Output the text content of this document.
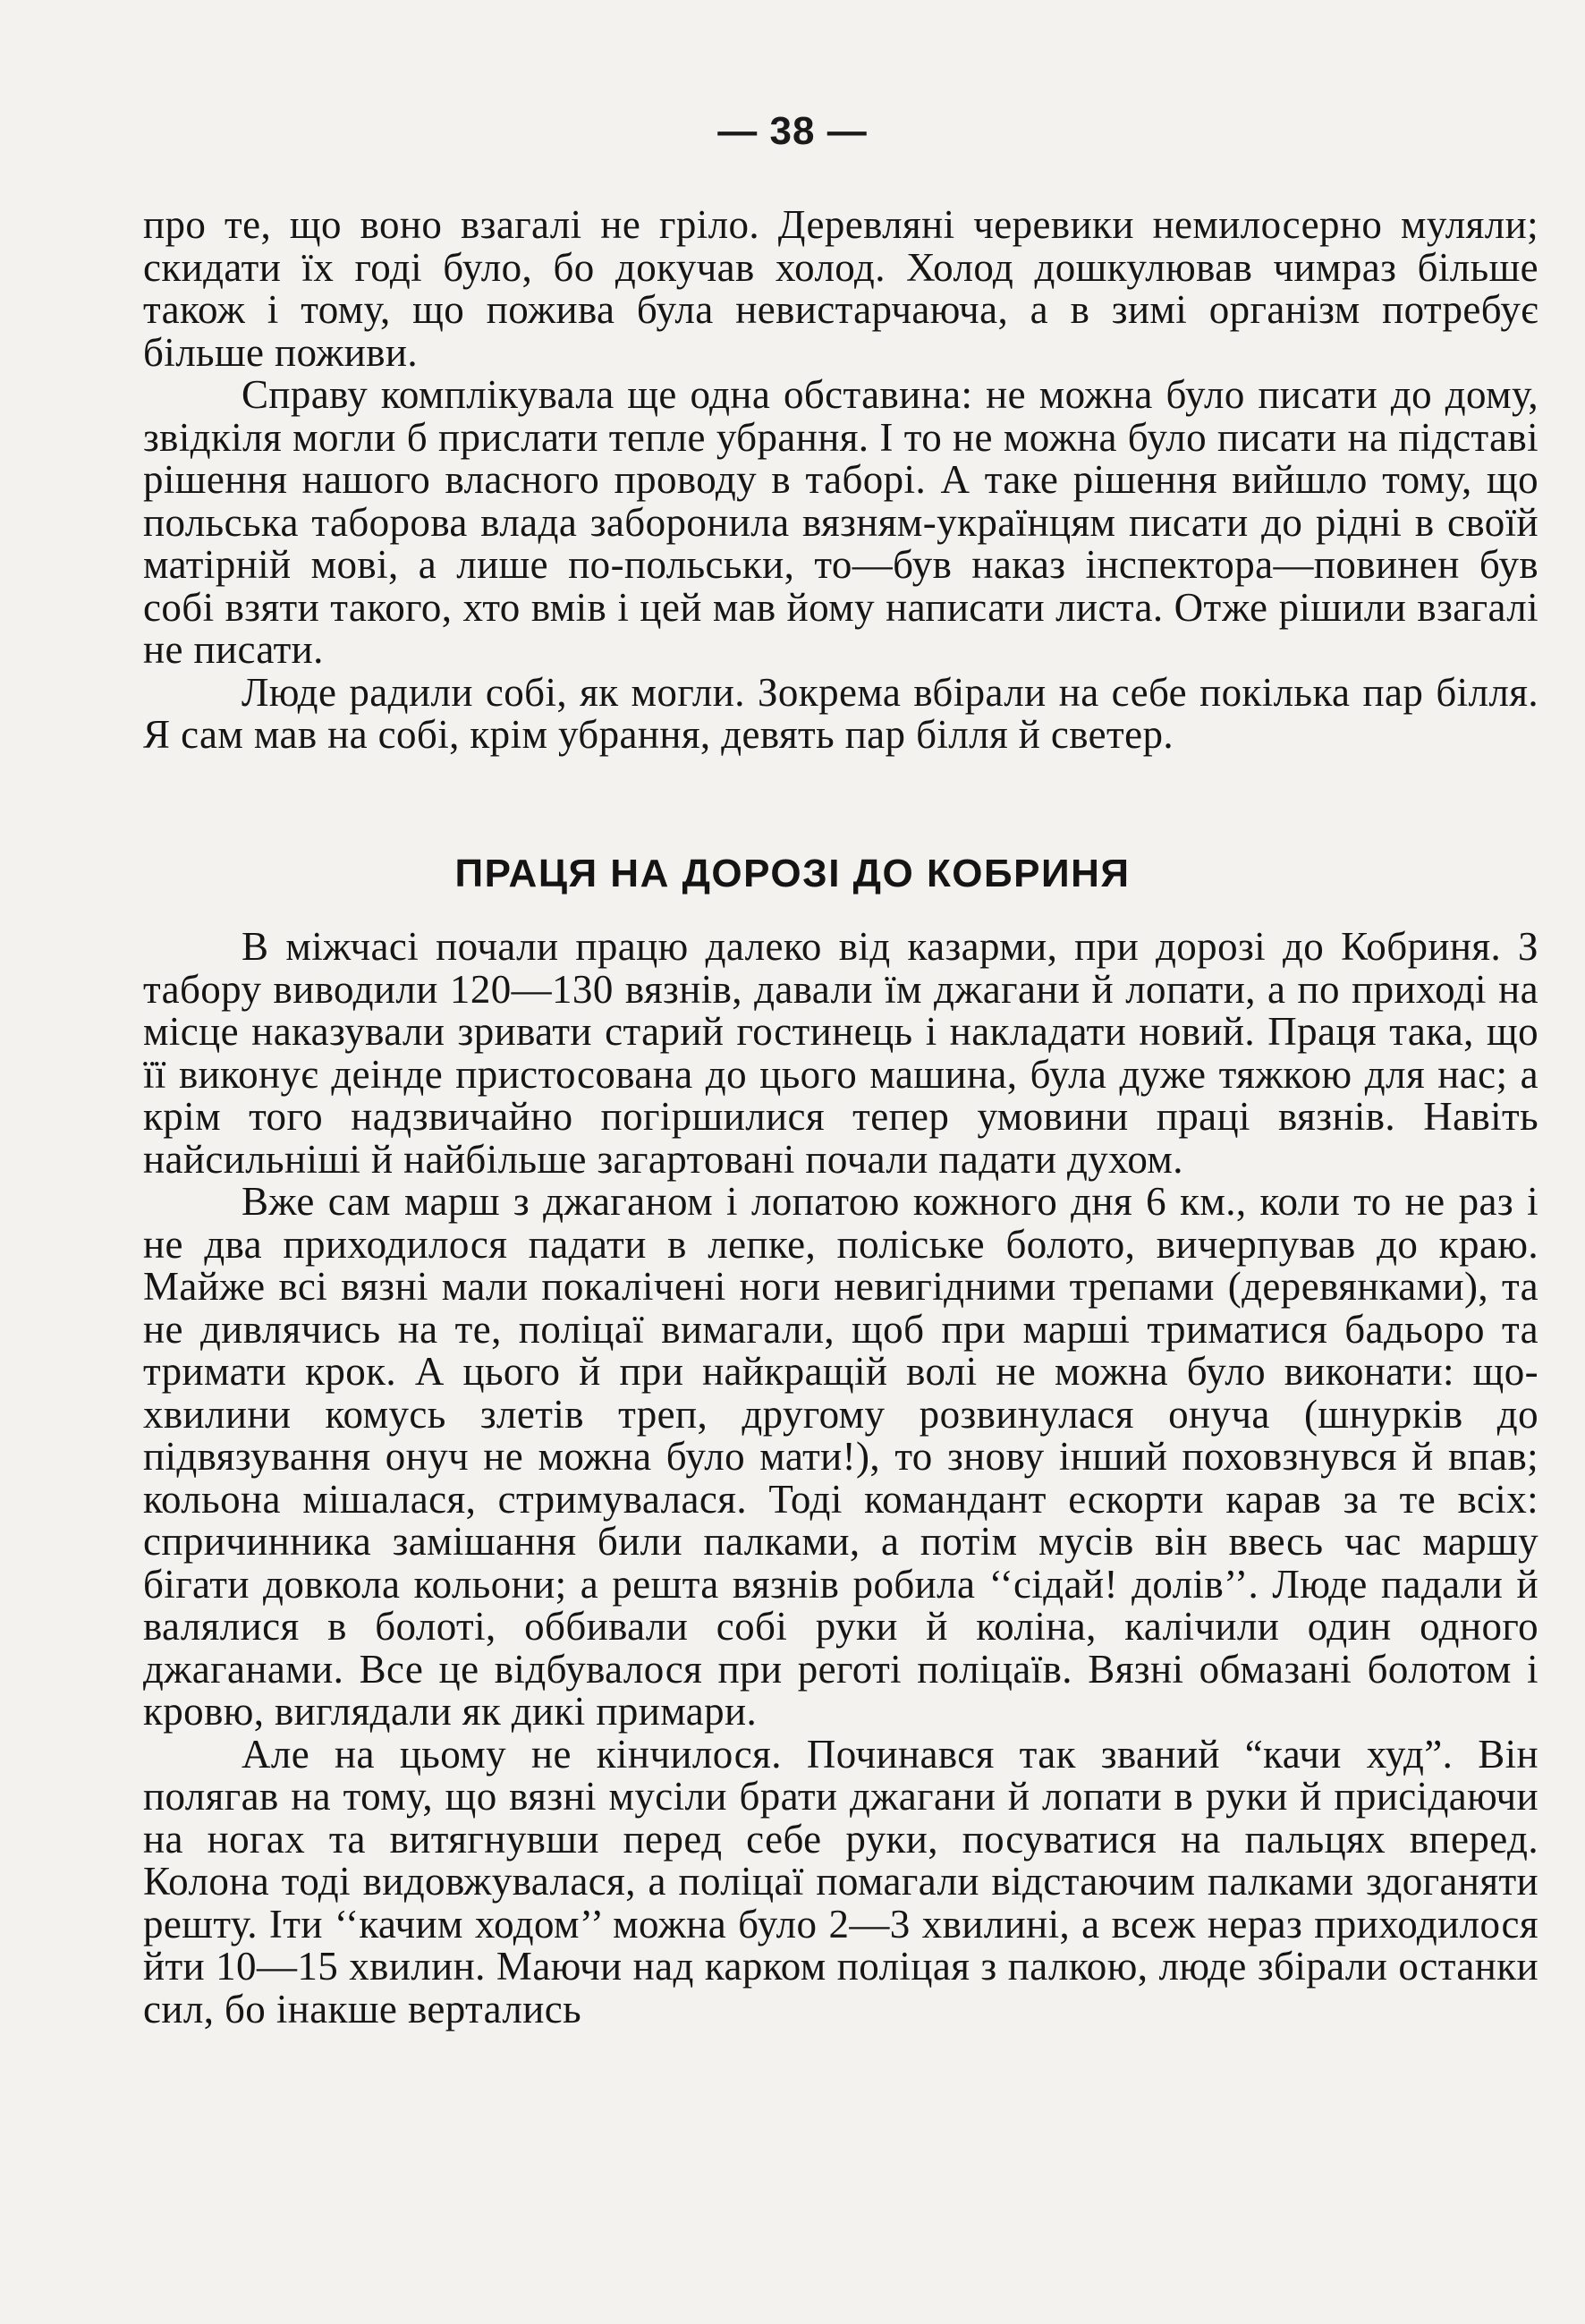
— 38 —

про те, що воно взагалі не гріло. Деревляні черевики немилосерно муляли; скидати їх годі було, бо докучав холод. Холод дошкулював чимраз більше також і тому, що пожива була невистарчаюча, а в зимі організм потребує більше поживи.

Справу комплікувала ще одна обставина: не можна було писати до дому, звідкіля могли б прислати тепле убрання. І то не можна було писати на підставі рішення нашого власного проводу в таборі. А таке рішення вийшло тому, що польська таборова влада заборонила вязням-українцям писати до рідні в своїй матірній мові, а лише по-польськи, то—був наказ інспектора—повинен був собі взяти такого, хто вмів і цей мав йому написати листа. Отже рішили взагалі не писати.

Люде радили собі, як могли. Зокрема вбірали на себе покілька пар білля. Я сам мав на собі, крім убрання, девять пар білля й светер.

ПРАЦЯ НА ДОРОЗІ ДО КОБРИНЯ

В міжчасі почали працю далеко від казарми, при дорозі до Кобриня. З табору виводили 120—130 вязнів, давали їм джагани й лопати, а по приході на місце наказували зривати старий гостинець і накладати новий. Праця така, що її виконує деінде пристосована до цього машина, була дуже тяжкою для нас; а крім того надзвичайно погіршилися тепер умовини праці вязнів. Навіть найсильніші й найбільше загартовані почали падати духом.

Вже сам марш з джаганом і лопатою кожного дня 6 км., коли то не раз і не два приходилося падати в лепке, поліське болото, вичерпував до краю. Майже всі вязні мали покалічені ноги невигідними трепами (деревянками), та не дивлячись на те, поліцаї вимагали, щоб при марші триматися бадьоро та тримати крок. А цього й при найкращій волі не можна було виконати: що-хвилини комусь злетів треп, другому розвинулася онуча (шнурків до підвязування онуч не можна було мати!), то знову інший поховзнувся й впав; кольона мішалася, стримувалася. Тоді командант ескорти карав за те всіх: спричинника замішання били палками, а потім мусів він ввесь час маршу бігати довкола кольони; а решта вязнів робила ‘‘сідай! долів’’. Люде падали й валялися в болоті, оббивали собі руки й коліна, калічили один одного джаганами. Все це відбувалося при реготі поліцаїв. Вязні обмазані болотом і кровю, виглядали як дикі примари.

Але на цьому не кінчилося. Починався так званий “качи худ”. Він полягав на тому, що вязні мусіли брати джагани й лопати в руки й присідаючи на ногах та витягнувши перед себе руки, посуватися на пальцях вперед. Колона тоді видовжувалася, а поліцаї помагали відстаючим палками здоганяти решту. Іти ‘‘качим ходом’’ можна було 2—3 хвилині, а всеж нераз приходилося йти 10—15 хвилин. Маючи над карком поліцая з палкою, люде збірали останки сил, бо інакше вертались
